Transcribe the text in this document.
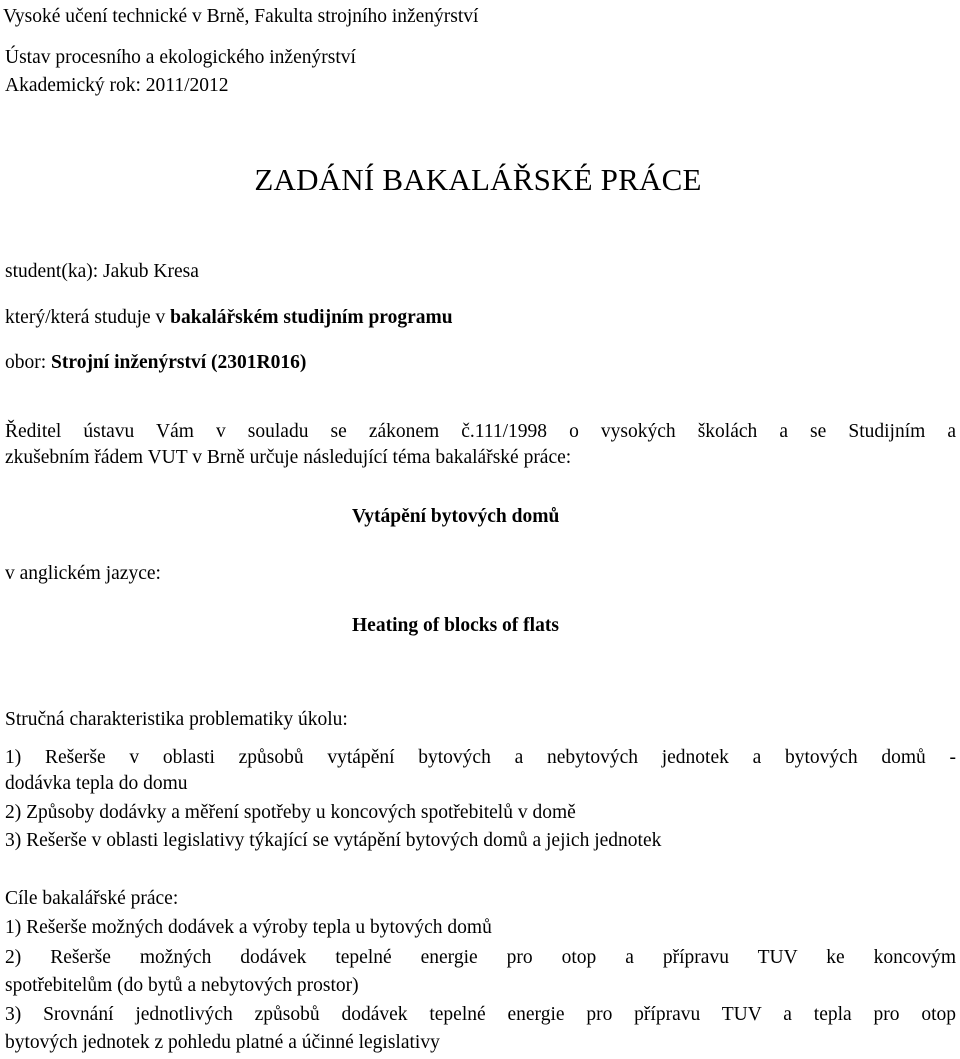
Vysoké učení technické v Brně, Fakulta strojního inženýrství
Ústav procesního a ekologického inženýrství
Akademický rok: 2011/2012
ZADÁNÍ BAKALÁŘSKÉ PRÁCE
student(ka): Jakub Kresa
který/která studuje v bakalářském studijním programu
obor: Strojní inženýrství (2301R016)
Ředitel ústavu Vám v souladu se zákonem č.111/1998 o vysokých školách a se Studijním a
zkušebním řádem VUT v Brně určuje následující téma bakalářské práce:
Vytápění bytových domů
v anglickém jazyce:
Heating of blocks of flats
Stručná charakteristika problematiky úkolu:
1) Rešerše v oblasti způsobů vytápění bytových a nebytových jednotek a bytových domů -
dodávka tepla do domu
2) Způsoby dodávky a měření spotřeby u koncových spotřebitelů v domě
3) Rešerše v oblasti legislativy týkající se vytápění bytových domů a jejich jednotek
Cíle bakalářské práce:
1) Rešerše možných dodávek a výroby tepla u bytových domů
2) Rešerše možných dodávek tepelné energie pro otop a přípravu TUV ke koncovým
spotřebitelům (do bytů a nebytových prostor)
3) Srovnání jednotlivých způsobů dodávek tepelné energie pro přípravu TUV a tepla pro otop
bytových jednotek z pohledu platné a účinné legislativy
